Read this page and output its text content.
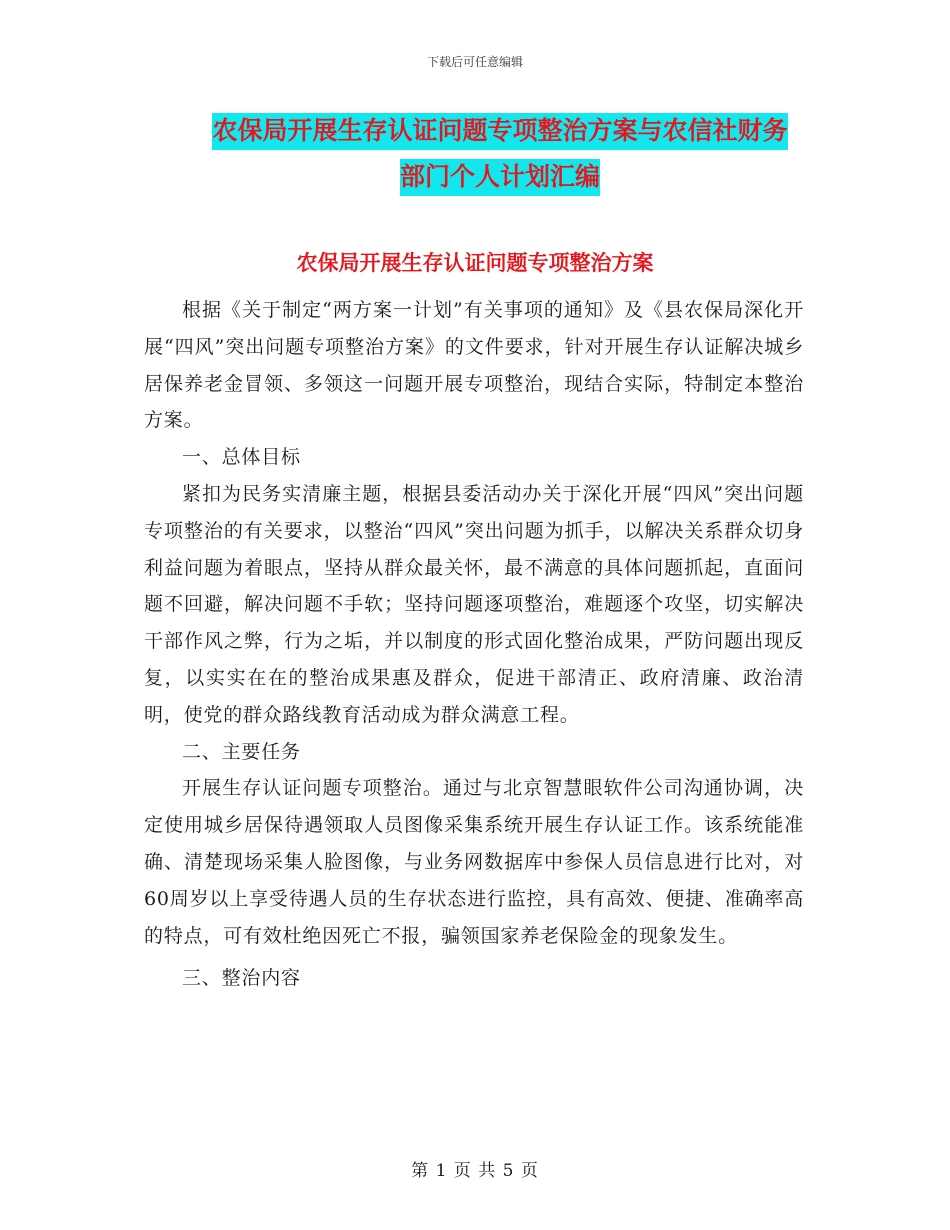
下载后可任意编辑
农保局开展生存认证问题专项整治方案与农信社财务
部门个人计划汇编
农保局开展生存认证问题专项整治方案

根据《关于制定“两方案一计划”有关事项的通知》及《县农保局深化开展“四风”突出问题专项整治方案》的文件要求，针对开展生存认证解决城乡居保养老金冒领、多领这一问题开展专项整治，现结合实际，特制定本整治方案。

一、总体目标

紧扣为民务实清廉主题，根据县委活动办关于深化开展“四风”突出问题专项整治的有关要求，以整治“四风”突出问题为抓手，以解决关系群众切身利益问题为着眼点，坚持从群众最关怀，最不满意的具体问题抓起，直面问题不回避，解决问题不手软；坚持问题逐项整治，难题逐个攻坚，切实解决干部作风之弊，行为之垢，并以制度的形式固化整治成果，严防问题出现反复，以实实在在的整治成果惠及群众，促进干部清正、政府清廉、政治清明，使党的群众路线教育活动成为群众满意工程。

二、主要任务

开展生存认证问题专项整治。通过与北京智慧眼软件公司沟通协调，决定使用城乡居保待遇领取人员图像采集系统开展生存认证工作。该系统能准确、清楚现场采集人脸图像，与业务网数据库中参保人员信息进行比对，对60周岁以上享受待遇人员的生存状态进行监控，具有高效、便捷、准确率高的特点，可有效杜绝因死亡不报，骗领国家养老保险金的现象发生。

三、整治内容

第 1 页 共 5 页
